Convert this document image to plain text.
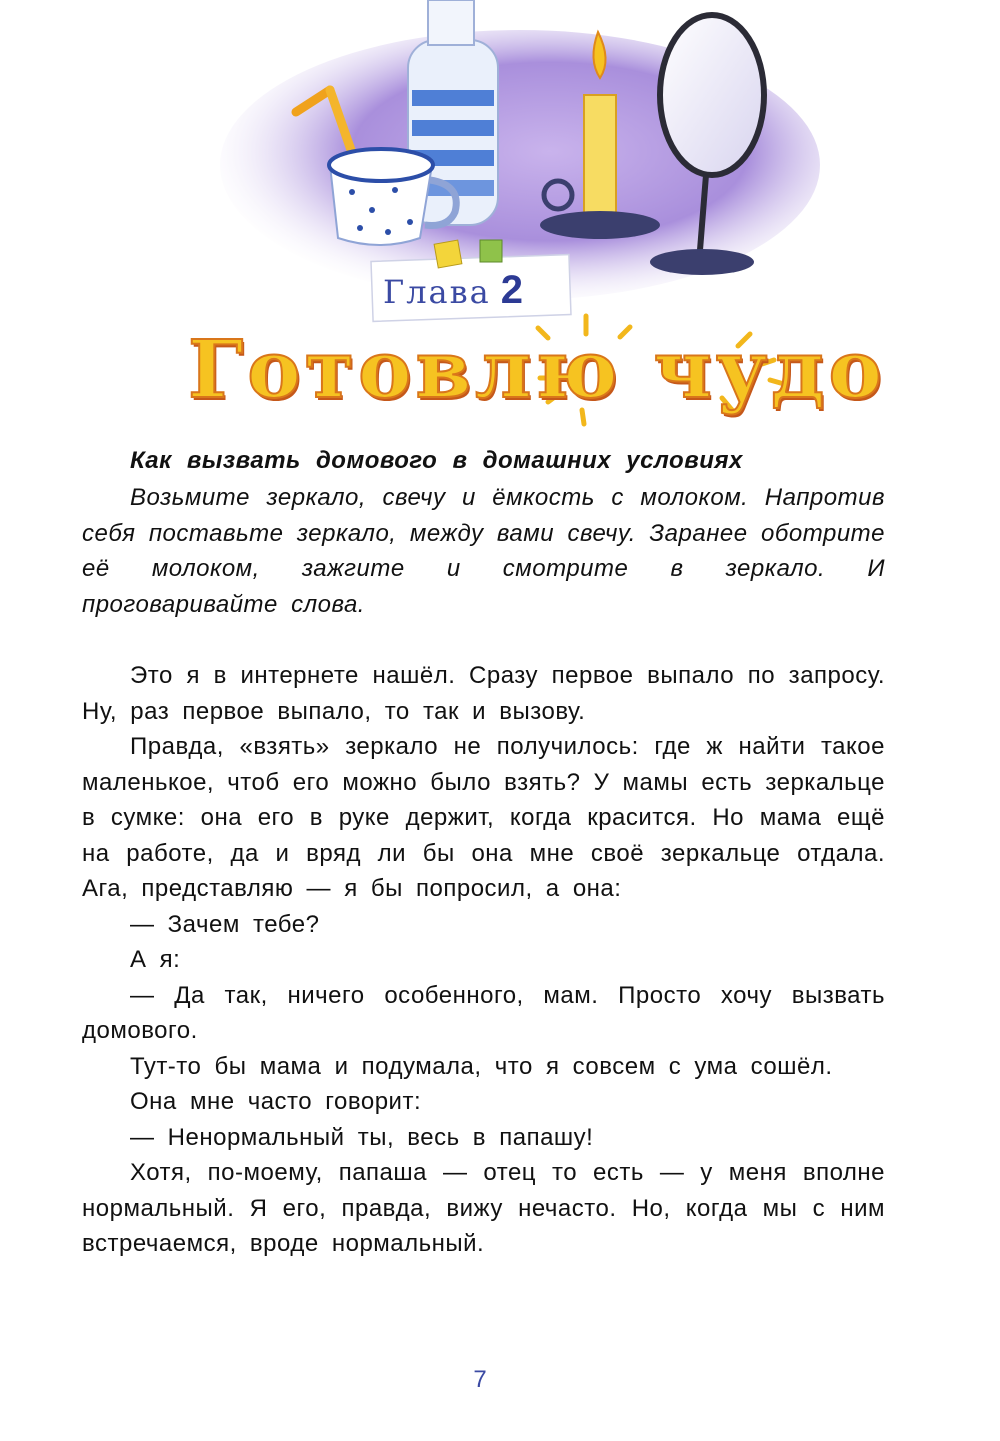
Глава 2
Готовлю чудо
Как вызвать домового в домашних условиях
Возьмите зеркало, свечу и ёмкость с молоком. Напротив себя поставьте зеркало, между вами свечу. Заранее оботрите её молоком, зажгите и смотрите в зеркало. И проговаривайте слова.

Это я в интернете нашёл. Сразу первое выпало по запросу. Ну, раз первое выпало, то так и вызову.

Правда, «взять» зеркало не получилось: где ж найти такое маленькое, чтоб его можно было взять? У мамы есть зеркальце в сумке: она его в руке держит, когда красится. Но мама ещё на работе, да и вряд ли бы она мне своё зеркальце отдала. Ага, представляю — я бы попросил, а она:

— Зачем тебе?

А я:

— Да так, ничего особенного, мам. Просто хочу вызвать домового.

Тут-то бы мама и подумала, что я совсем с ума сошёл.

Она мне часто говорит:

— Ненормальный ты, весь в папашу!

Хотя, по-моему, папаша — отец то есть — у меня вполне нормальный. Я его, правда, вижу нечасто. Но, когда мы с ним встречаемся, вроде нормальный.

7
